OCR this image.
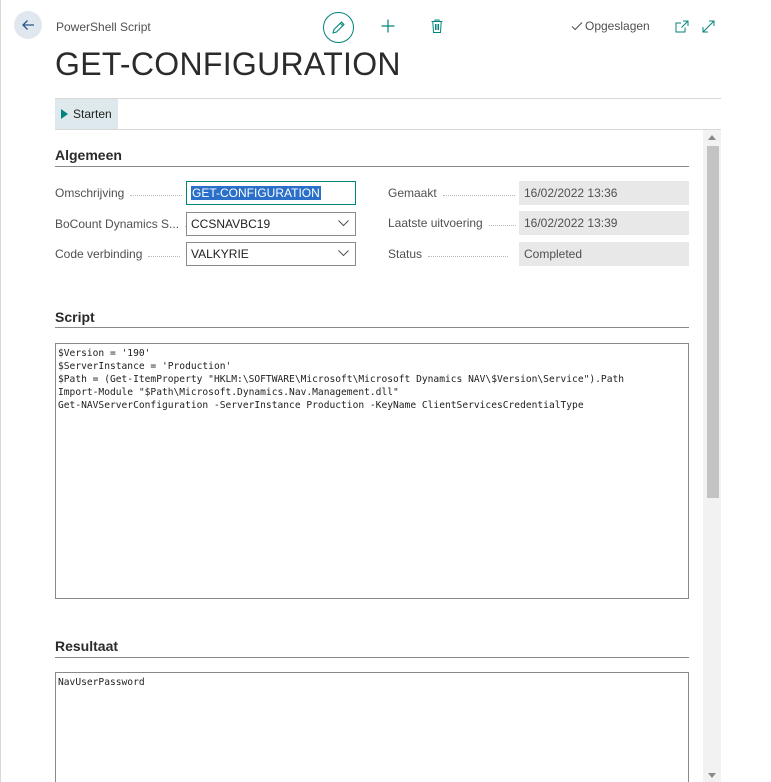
PowerShell Script	Opgeslagen
GET-CONFIGURATION
Starten
Algemeen
Omschrijving	GET-CONFIGURATION
BoCount Dynamics S... CCSNAVBC19
Code verbinding	VALKYRIE
Gemaakt	16/02/2022 13:36
Laatste uitvoering	16/02/2022 13:39
Status	Completed
Script
$Version = '190'
$ServerInstance = 'Production'
$Path = (Get-ItemProperty "HKLM:\SOFTWARE\Microsoft\Microsoft Dynamics NAV\$Version\Service").Path
Import-Module "$Path\Microsoft.Dynamics.Nav.Management.dll"
Get-NAVServerConfiguration -ServerInstance Production -KeyName ClientServicesCredentialType
Resultaat
NavUserPassword
